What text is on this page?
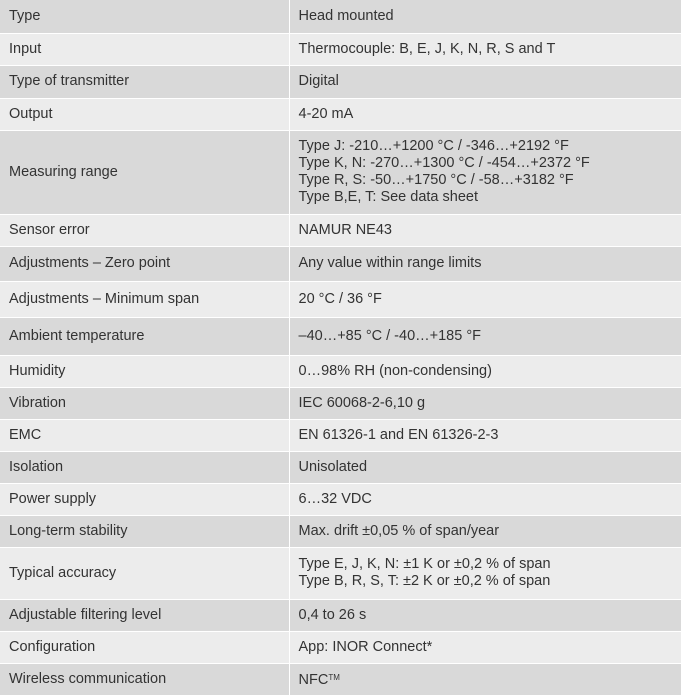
Type	Head mounted
Input	Thermocouple: B, E, J, K, N, R, S and T
Type of transmitter	Digital
Output	4-20 mA
Measuring range	Type J: -210…+1200 °C / -346…+2192 °F
Type K, N: -270…+1300 °C / -454…+2372 °F
Type R, S: -50…+1750 °C / -58…+3182 °F
Type B,E, T: See data sheet

Sensor error	NAMUR NE43
Adjustments – Zero point	Any value within range limits
Adjustments – Minimum span	20 °C / 36 °F
Ambient temperature	–40…+85 °C / -40…+185 °F
Humidity	0…98% RH (non-condensing)
Vibration	IEC 60068-2-6,10 g
EMC	EN 61326-1 and EN 61326-2-3
Isolation	Unisolated
Power supply	6…32 VDC
Long-term stability	Max. drift ±0,05 % of span/year
Typical accuracy	Type E, J, K, N: ±1 K or ±0,2 % of span
Type B, R, S, T: ±2 K or ±0,2 % of span

Adjustable filtering level	0,4 to 26 s
Configuration	App: INOR Connect*
Wireless communication	NFC™
